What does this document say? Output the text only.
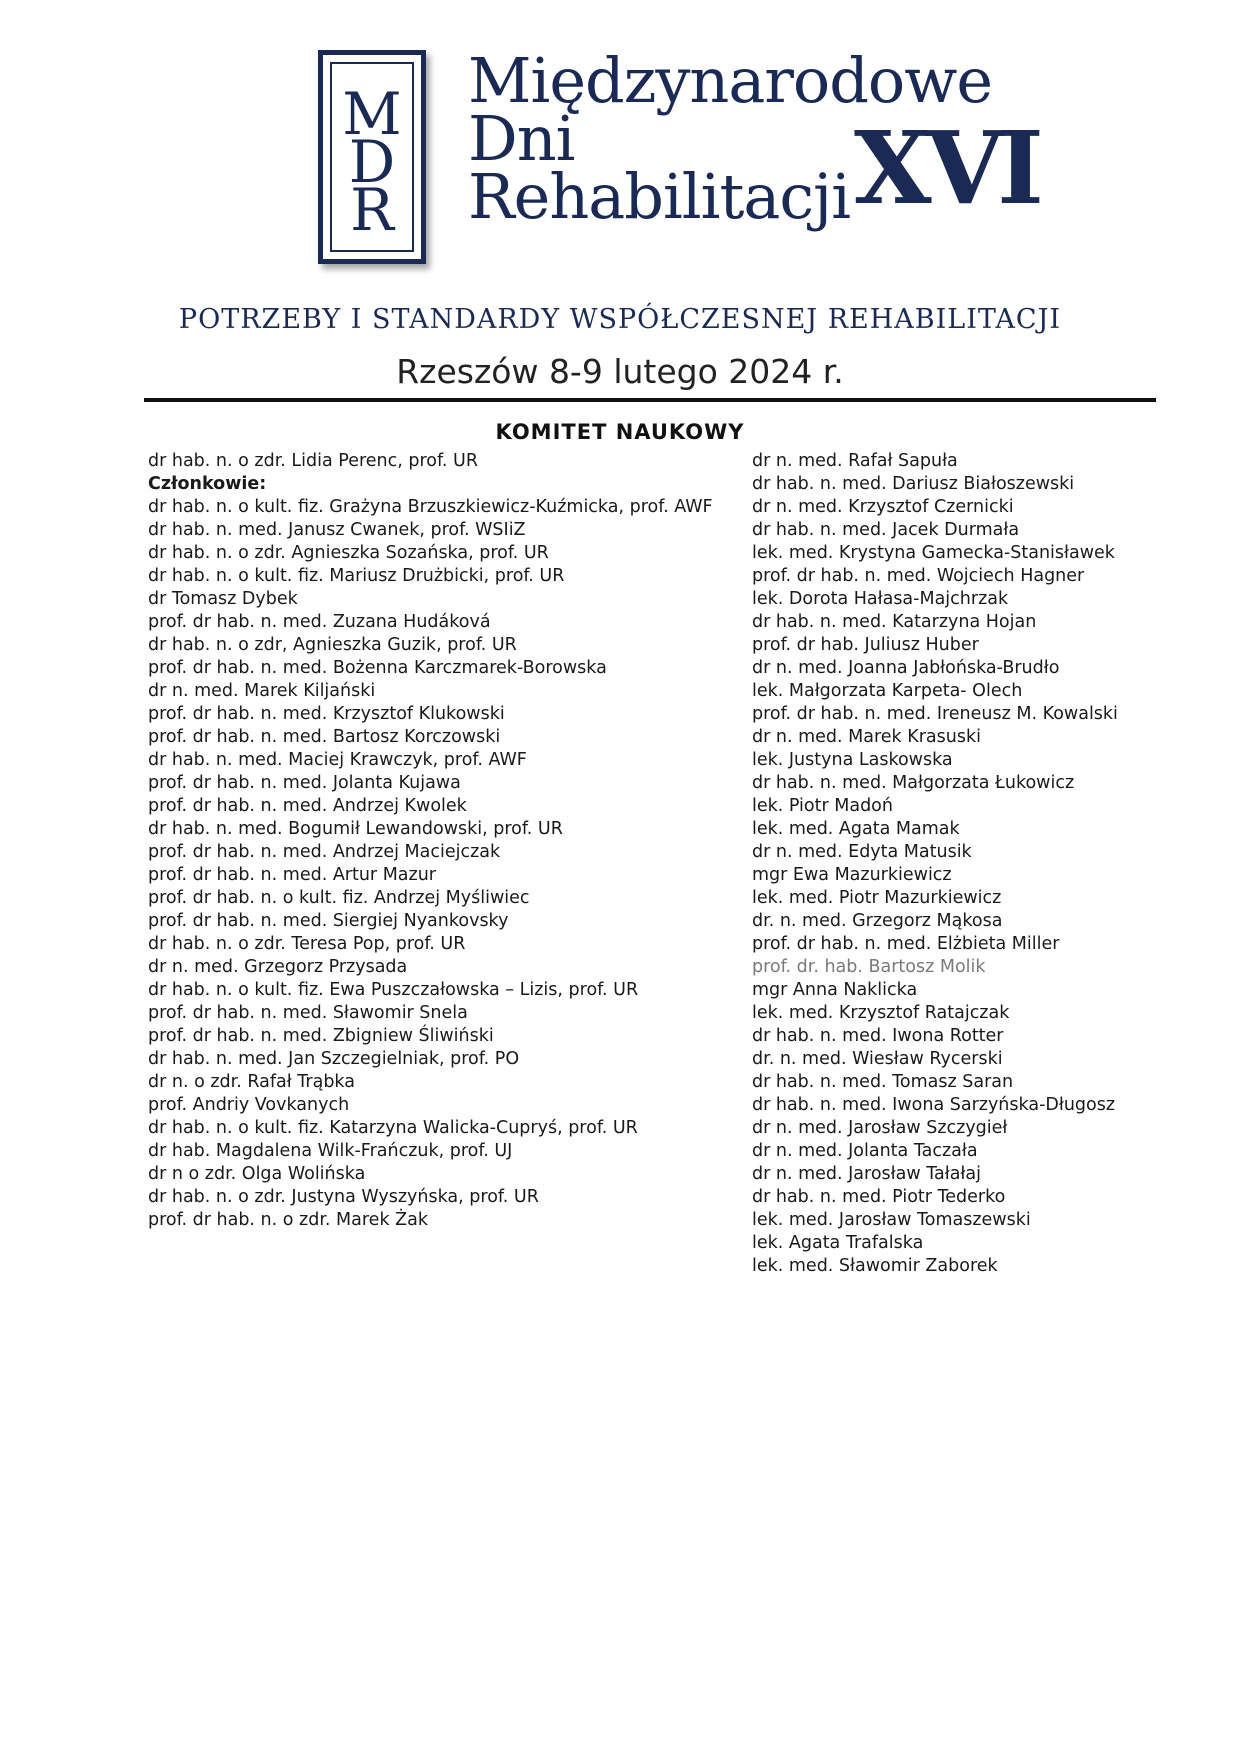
M
D
R
Międzynarodowe
Dni
Rehabilitacji XVI
POTRZEBY I STANDARDY WSPÓŁCZESNEJ REHABILITACJI
Rzeszów 8-9 lutego 2024 r.
KOMITET NAUKOWY
dr hab. n. o zdr. Lidia Perenc, prof. UR
Członkowie:
dr hab. n. o kult. fiz. Grażyna Brzuszkiewicz-Kuźmicka, prof. AWF
dr hab. n. med. Janusz Cwanek, prof. WSIiZ
dr hab. n. o zdr. Agnieszka Sozańska, prof. UR
dr hab. n. o kult. fiz. Mariusz Drużbicki, prof. UR
dr Tomasz Dybek
prof. dr hab. n. med. Zuzana Hudáková
dr hab. n. o zdr, Agnieszka Guzik, prof. UR
prof. dr hab. n. med. Bożenna Karczmarek-Borowska
dr n. med. Marek Kiljański
prof. dr hab. n. med. Krzysztof Klukowski
prof. dr hab. n. med. Bartosz Korczowski
dr hab. n. med. Maciej Krawczyk, prof. AWF
prof. dr hab. n. med. Jolanta Kujawa
prof. dr hab. n. med. Andrzej Kwolek
dr hab. n. med. Bogumił Lewandowski, prof. UR
prof. dr hab. n. med. Andrzej Maciejczak
prof. dr hab. n. med. Artur Mazur
prof. dr hab. n. o kult. fiz. Andrzej Myśliwiec
prof. dr hab. n. med. Siergiej Nyankovsky
dr hab. n. o zdr. Teresa Pop, prof. UR
dr n. med. Grzegorz Przysada
dr hab. n. o kult. fiz. Ewa Puszczałowska – Lizis, prof. UR
prof. dr hab. n. med. Sławomir Snela
prof. dr hab. n. med. Zbigniew Śliwiński
dr hab. n. med. Jan Szczegielniak, prof. PO
dr n. o zdr. Rafał Trąbka
prof. Andriy Vovkanych
dr hab. n. o kult. fiz. Katarzyna Walicka-Cupryś, prof. UR
dr hab. Magdalena Wilk-Frańczuk, prof. UJ
dr n o zdr. Olga Wolińska
dr hab. n. o zdr. Justyna Wyszyńska, prof. UR
prof. dr hab. n. o zdr. Marek Żak
dr n. med. Rafał Sapuła
dr hab. n. med. Dariusz Białoszewski
dr n. med. Krzysztof Czernicki
dr hab. n. med. Jacek Durmała
lek. med. Krystyna Gamecka-Stanisławek
prof. dr hab. n. med. Wojciech Hagner
lek. Dorota Hałasa-Majchrzak
dr hab. n. med. Katarzyna Hojan
prof. dr hab. Juliusz Huber
dr n. med. Joanna Jabłońska-Brudło
lek. Małgorzata Karpeta- Olech
prof. dr hab. n. med. Ireneusz M. Kowalski
dr n. med. Marek Krasuski
lek. Justyna Laskowska
dr hab. n. med. Małgorzata Łukowicz
lek. Piotr Madoń
lek. med. Agata Mamak
dr n. med. Edyta Matusik
mgr Ewa Mazurkiewicz
lek. med. Piotr Mazurkiewicz
dr. n. med. Grzegorz Mąkosa
prof. dr hab. n. med. Elżbieta Miller
prof. dr. hab. Bartosz Molik
mgr Anna Naklicka
lek. med. Krzysztof Ratajczak
dr hab. n. med. Iwona Rotter
dr. n. med. Wiesław Rycerski
dr hab. n. med. Tomasz Saran
dr hab. n. med. Iwona Sarzyńska-Długosz
dr n. med. Jarosław Szczygieł
dr n. med. Jolanta Taczała
dr n. med. Jarosław Tałałaj
dr hab. n. med. Piotr Tederko
lek. med. Jarosław Tomaszewski
lek. Agata Trafalska
lek. med. Sławomir Zaborek
